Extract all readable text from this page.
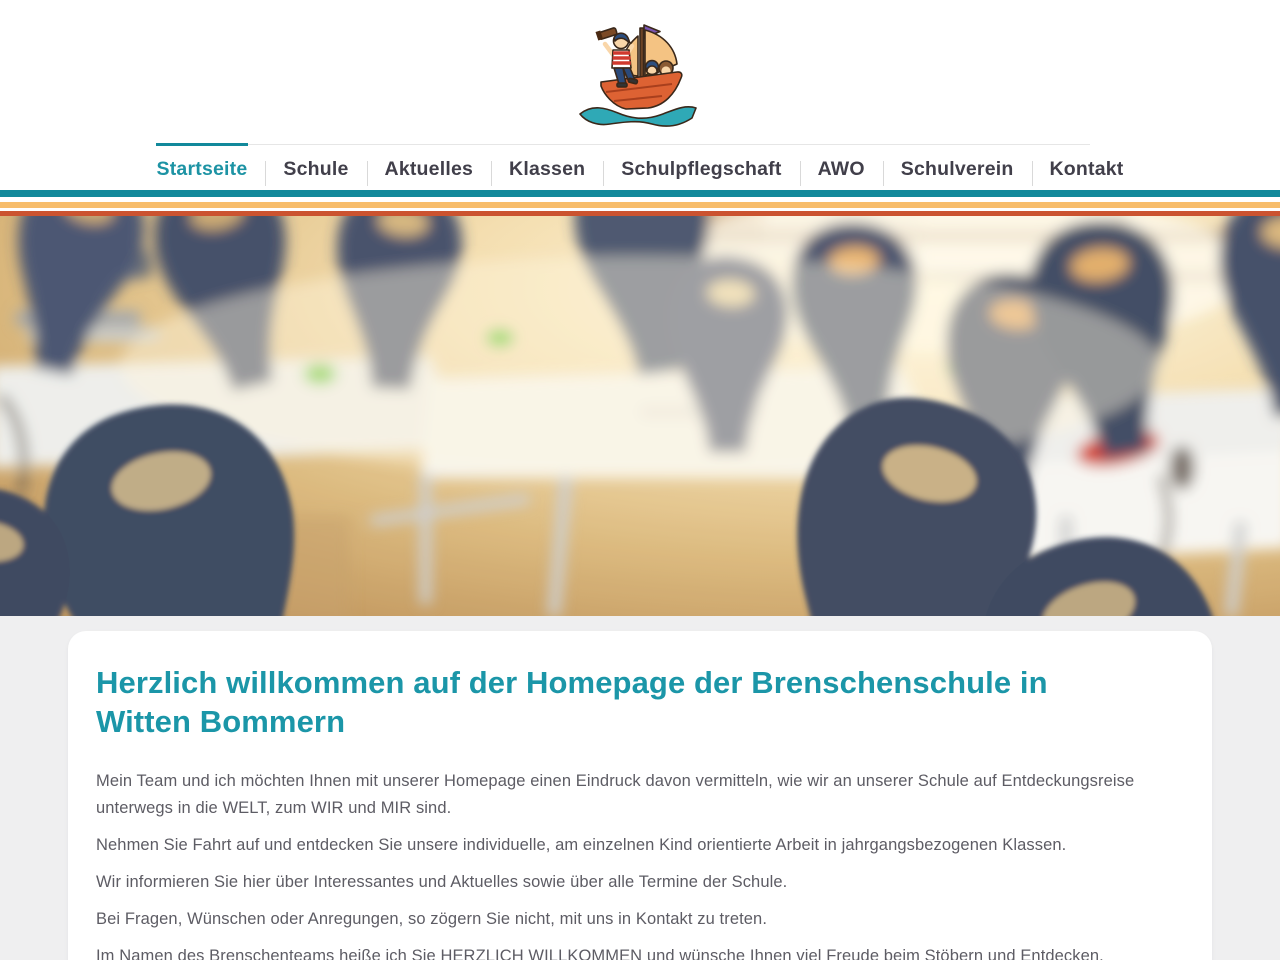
Startseite	Schule	Aktuelles	Klassen	Schulpflegschaft	AWO	Schulverein	Kontakt
Herzlich willkommen auf der Homepage der Brenschenschule in Witten Bommern

Mein Team und ich möchten Ihnen mit unserer Homepage einen Eindruck davon vermitteln, wie wir an unserer Schule auf Entdeckungsreise unterwegs in die WELT, zum WIR und MIR sind.

Nehmen Sie Fahrt auf und entdecken Sie unsere individuelle, am einzelnen Kind orientierte Arbeit in jahrgangsbezogenen Klassen.

Wir informieren Sie hier über Interessantes und Aktuelles sowie über alle Termine der Schule.

Bei Fragen, Wünschen oder Anregungen, so zögern Sie nicht, mit uns in Kontakt zu treten.

Im Namen des Brenschenteams heiße ich Sie HERZLICH WILLKOMMEN und wünsche Ihnen viel Freude beim Stöbern und Entdecken.
